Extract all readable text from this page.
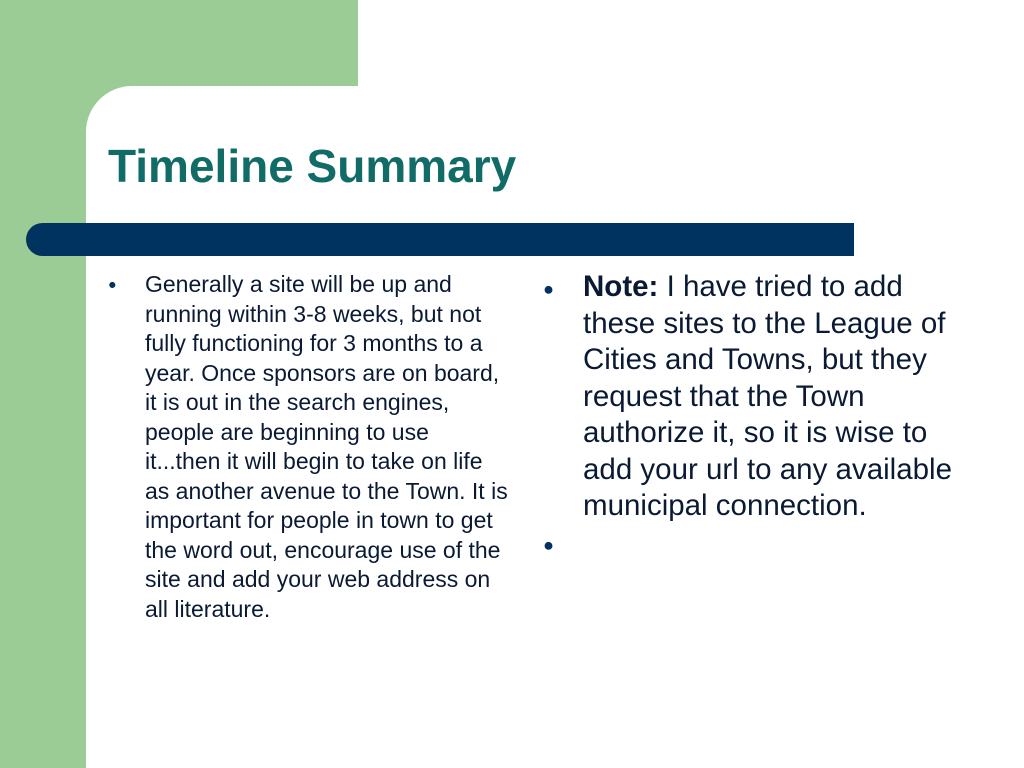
Timeline Summary
● Generally a site will be up and running within 3-8 weeks, but not fully functioning for 3 months to a year. Once sponsors are on board, it is out in the search engines, people are beginning to use it...then it will begin to take on life as another avenue to the Town. It is important for people in town to get the word out, encourage use of the site and add your web address on all literature.
● Note: I have tried to add these sites to the League of Cities and Towns, but they request that the Town authorize it, so it is wise to add your url to any available municipal connection.
●
